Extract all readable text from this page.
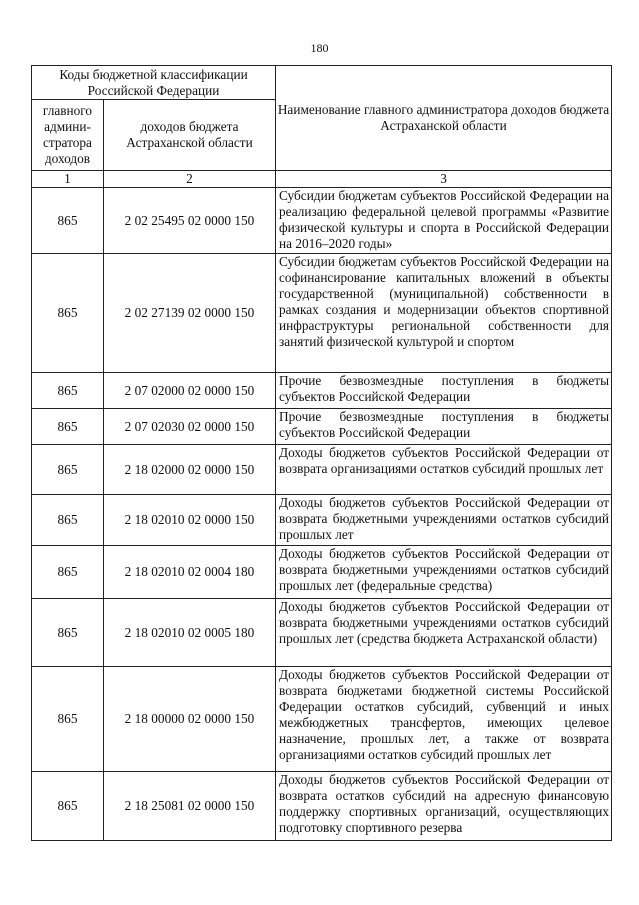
180
Коды бюджетной классификации Российской Федерации		Наименование главного администратора доходов бюджета Астраханской области
главного админи-стратора доходов	доходов бюджета Астраханской области	
1	2	3
865	2 02 25495 02 0000 150	Субсидии бюджетам субъектов Российской Федерации на реализацию федеральной целевой программы «Развитие физической культуры и спорта в Российской Федерации на 2016–2020 годы»
865	2 02 27139 02 0000 150	Субсидии бюджетам субъектов Российской Федерации на софинансирование капитальных вложений в объекты государственной (муниципальной) собственности в рамках создания и модернизации объектов спортивной инфраструктуры региональной собственности для занятий физической культурой и спортом
865	2 07 02000 02 0000 150	Прочие безвозмездные поступления в бюджеты субъектов Российской Федерации
865	2 07 02030 02 0000 150	Прочие безвозмездные поступления в бюджеты субъектов Российской Федерации
865	2 18 02000 02 0000 150	Доходы бюджетов субъектов Российской Федерации от возврата организациями остатков субсидий прошлых лет
865	2 18 02010 02 0000 150	Доходы бюджетов субъектов Российской Федерации от возврата бюджетными учреждениями остатков субсидий прошлых лет
865	2 18 02010 02 0004 180	Доходы бюджетов субъектов Российской Федерации от возврата бюджетными учреждениями остатков субсидий прошлых лет (федеральные средства)
865	2 18 02010 02 0005 180	Доходы бюджетов субъектов Российской Федерации от возврата бюджетными учреждениями остатков субсидий прошлых лет (средства бюджета Астраханской области)
865	2 18 00000 02 0000 150	Доходы бюджетов субъектов Российской Федерации от возврата бюджетами бюджетной системы Российской Федерации остатков субсидий, субвенций и иных межбюджетных трансфертов, имеющих целевое назначение, прошлых лет, а также от возврата организациями остатков субсидий прошлых лет
865	2 18 25081 02 0000 150	Доходы бюджетов субъектов Российской Федерации от возврата остатков субсидий на адресную финансовую поддержку спортивных организаций, осуществляющих подготовку спортивного резерва
